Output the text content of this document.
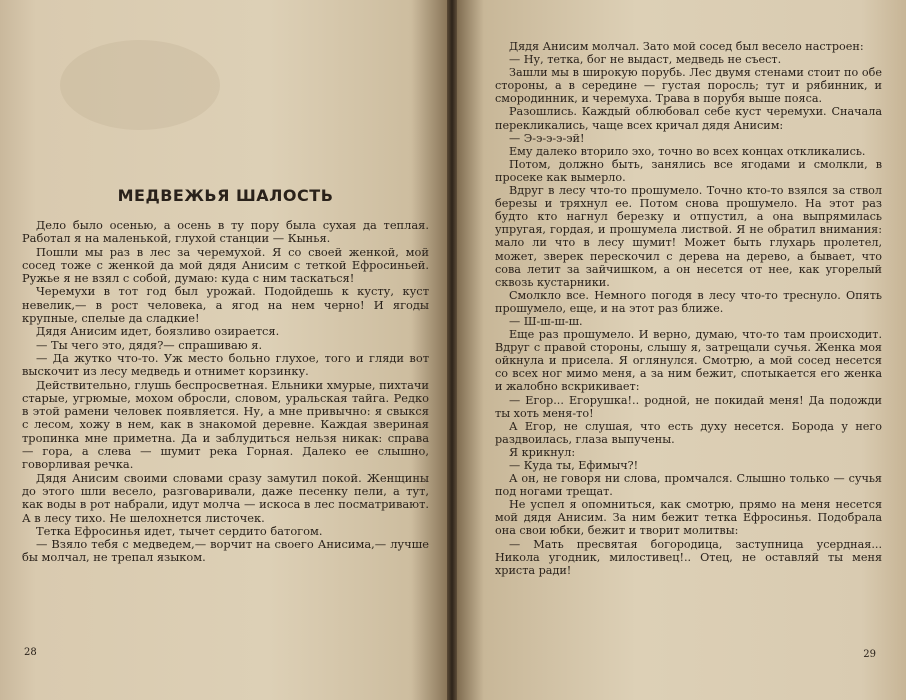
МЕДВЕЖЬЯ ШАЛОСТЬ

Дело было осенью, а осень в ту пору была сухая да теплая. Работал я на маленькой, глухой станции — Кынья.

Пошли мы раз в лес за черемухой. Я со своей женкой, мой сосед тоже с женкой да мой дядя Анисим с теткой Ефросиньей. Ружье я не взял с собой, думаю: куда с ним таскаться!

Черемухи в тот год был урожай. Подойдешь к кусту, куст невелик,— в рост человека, а ягод на нем черно! И ягоды крупные, спелые да сладкие!

Дядя Анисим идет, боязливо озирается.

— Ты чего это, дядя?— спрашиваю я.

— Да жутко что-то. Уж место больно глухое, того и гляди вот выскочит из лесу медведь и отнимет корзинку.

Действительно, глушь беспросветная. Ельники хмурые, пихтачи старые, угрюмые, мохом обросли, словом, уральская тайга. Редко в этой рамени человек появляется. Ну, а мне привычно: я свыкся с лесом, хожу в нем, как в знакомой деревне. Каждая звериная тропинка мне приметна. Да и заблудиться нельзя никак: справа — гора, а слева — шумит река Горная. Далеко ее слышно, говорливая речка.

Дядя Анисим своими словами сразу замутил покой. Женщины до этого шли весело, разговаривали, даже песенку пели, а тут, как воды в рот набрали, идут молча — искоса в лес посматривают. А в лесу тихо. Не шелохнется листочек.

Тетка Ефросинья идет, тычет сердито батогом.

— Взяло тебя с медведем,— ворчит на своего Анисима,— лучше бы молчал, не трепал языком.

28

Дядя Анисим молчал. Зато мой сосед был весело настроен:

— Ну, тетка, бог не выдаст, медведь не съест.

Зашли мы в широкую порубь. Лес двумя стенами стоит по обе стороны, а в середине — густая поросль; тут и рябинник, и смородинник, и черемуха. Трава в порубя выше пояса.

Разошлись. Каждый облюбовал себе куст черемухи. Сначала перекликались, чаще всех кричал дядя Анисим:

— Э-э-э-э-эй!

Ему далеко вторило эхо, точно во всех концах откликались.

Потом, должно быть, занялись все ягодами и смолкли, в просеке как вымерло.

Вдруг в лесу что-то прошумело. Точно кто-то взялся за ствол березы и тряхнул ее. Потом снова прошумело. На этот раз будто кто нагнул березку и отпустил, а она выпрямилась упругая, гордая, и прошумела листвой. Я не обратил внимания: мало ли что в лесу шумит! Может быть глухарь пролетел, может, зверек перескочил с дерева на дерево, а бывает, что сова летит за зайчишком, а он несется от нее, как угорелый сквозь кустарники.

Смолкло все. Немного погодя в лесу что-то треснуло. Опять прошумело, еще, и на этот раз ближе.

— Ш-ш-ш-ш.

Еще раз прошумело. И верно, думаю, что-то там происходит. Вдруг с правой стороны, слышу я, затрещали сучья. Женка моя ойкнула и присела. Я оглянулся. Смотрю, а мой сосед несется со всех ног мимо меня, а за ним бежит, спотыкается его женка и жалобно вскрикивает:

— Егор... Егорушка!.. родной, не покидай меня! Да подожди ты хоть меня-то!

А Егор, не слушая, что есть духу несется. Борода у него раздвоилась, глаза выпучены.

Я крикнул:

— Куда ты, Ефимыч?!

А он, не говоря ни слова, промчался. Слышно только — сучья под ногами трещат.

Не успел я опомниться, как смотрю, прямо на меня несется мой дядя Анисим. За ним бежит тетка Ефросинья. Подобрала она свои юбки, бежит и творит молитвы:

— Мать пресвятая богородица, заступница усердная... Никола угодник, милостивец!.. Отец, не оставляй ты меня христа ради!

29
